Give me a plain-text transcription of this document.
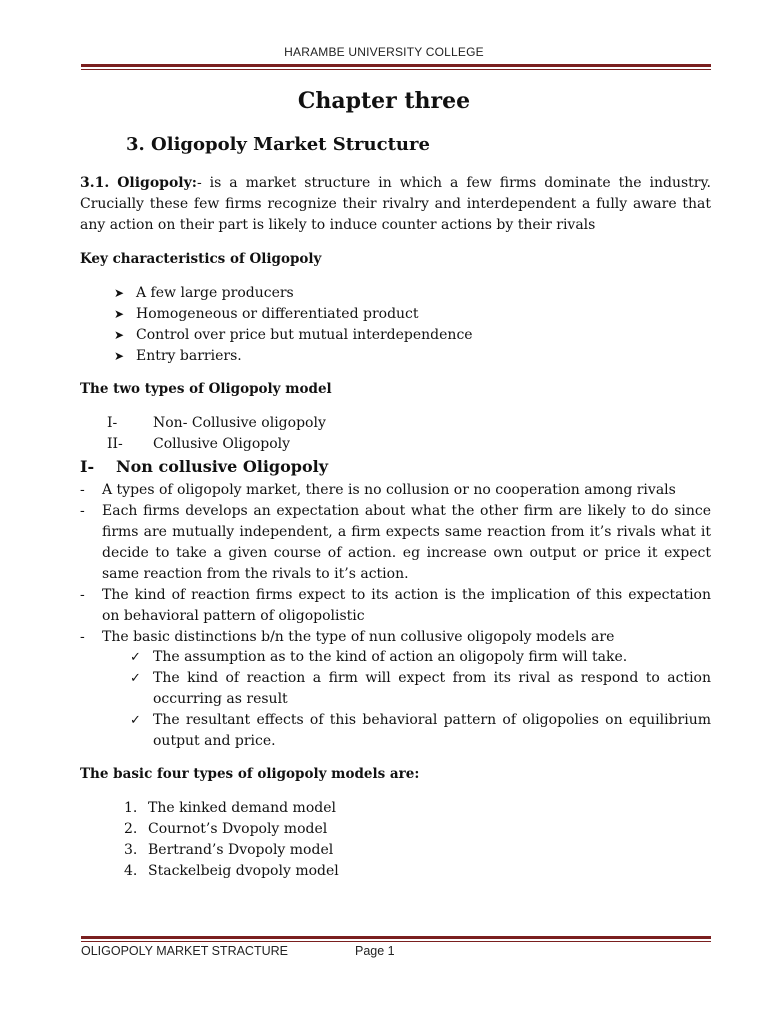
HARAMBE UNIVERSITY COLLEGE
Chapter three
3. Oligopoly Market Structure
3.1. Oligopoly:- is a market structure in which a few firms dominate the industry. Crucially these few firms recognize their rivalry and interdependent a fully aware that any action on their part is likely to induce counter actions by their rivals
Key characteristics of Oligopoly
➤ A few large producers
➤ Homogeneous or differentiated product
➤ Control over price but mutual interdependence
➤ Entry barriers.
The two types of Oligopoly model
I-	Non- Collusive oligopoly
II-	Collusive Oligopoly
I- Non collusive Oligopoly
-	A types of oligopoly market, there is no collusion or no cooperation among rivals
-	Each firms develops an expectation about what the other firm are likely to do since firms are mutually independent, a firm expects same reaction from it’s rivals what it decide to take a given course of action. eg increase own output or price it expect same reaction from the rivals to it’s action.
-	The kind of reaction firms expect to its action is the implication of this expectation on behavioral pattern of oligopolistic
-	The basic distinctions b/n the type of nun collusive oligopoly models are
✓ The assumption as to the kind of action an oligopoly firm will take.
✓ The kind of reaction a firm will expect from its rival as respond to action occurring as result
✓ The resultant effects of this behavioral pattern of oligopolies on equilibrium output and price.
The basic four types of oligopoly models are:
1. The kinked demand model
2. Cournot’s Dvopoly model
3. Bertrand’s Dvopoly model
4. Stackelbeig dvopoly model
OLIGOPOLY MARKET STRACTURE	Page 1
